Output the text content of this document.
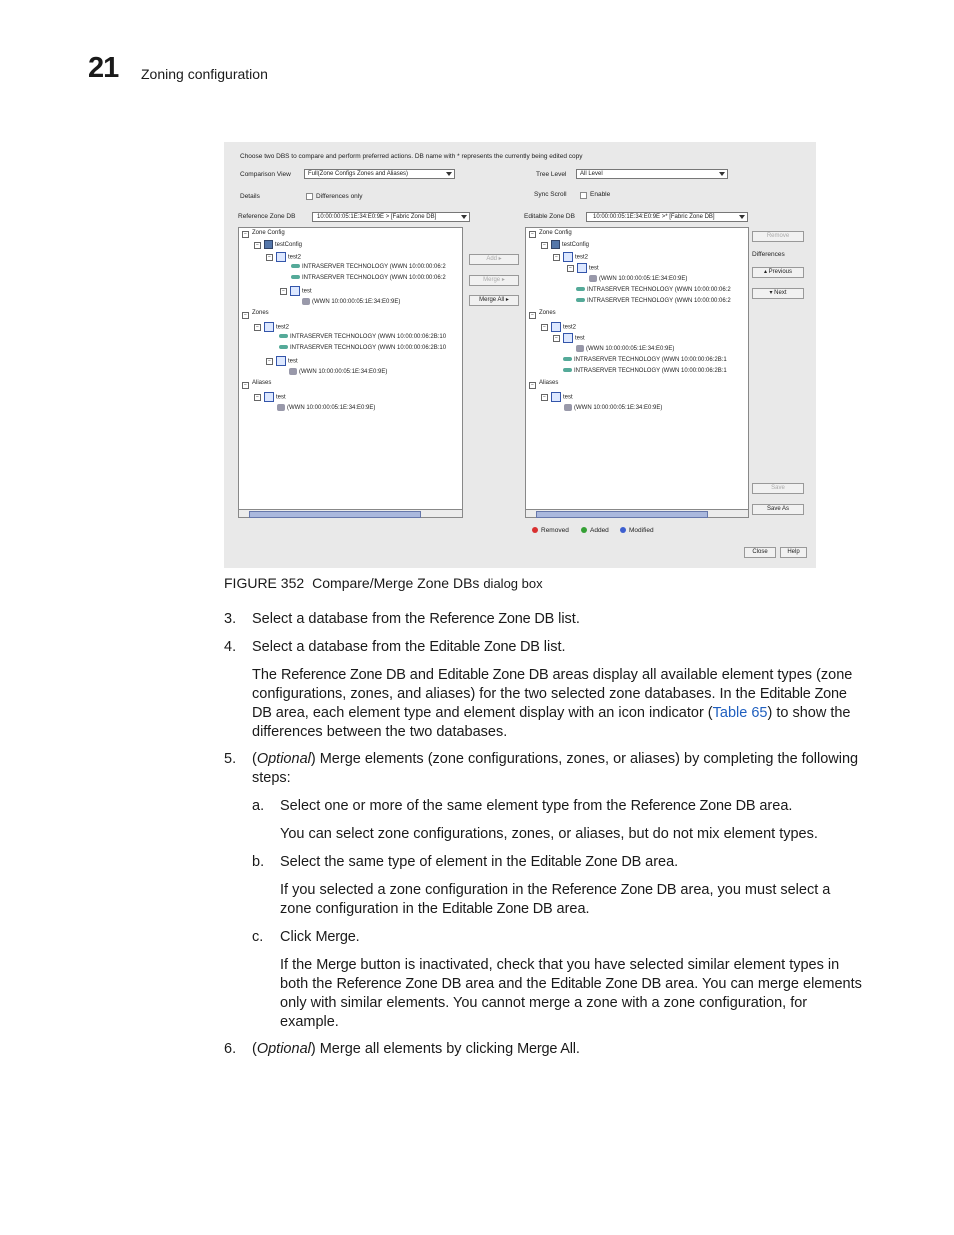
21 Zoning configuration
Choose two DBS to compare and perform preferred actions. DB name with * represents the currently being edited copy
Comparison View	Full(Zone Configs Zones and Aliases)	Tree Level All Level
Details	Differences only	Sync Scroll	Enable
Reference Zone DB	10:00:00:05:1E:34:E0:9E > [Fabric Zone DB]	Editable Zone DB	10:00:00:05:1E:34:E0:9E >* [Fabric Zone DB]
− Zone Config
−	testConfig
−	test2
INTRASERVER TECHNOLOGY (WWN 10:00:00:06:2
INTRASERVER TECHNOLOGY (WWN 10:00:00:06:2
−	test
(WWN 10:00:00:05:1E:34:E0:9E)
− Zones
−	test2
INTRASERVER TECHNOLOGY (WWN 10:00:00:06:2B:10
INTRASERVER TECHNOLOGY (WWN 10:00:00:06:2B:10
−	test
(WWN 10:00:00:05:1E:34:E0:9E)
− Aliases
−	test
(WWN 10:00:00:05:1E:34:E0:9E)
Add ▸
Merge ▸
Merge All ▸
− Zone Config
−	testConfig
−	test2
−	test
(WWN 10:00:00:05:1E:34:E0:9E)
INTRASERVER TECHNOLOGY (WWN 10:00:00:06:2
INTRASERVER TECHNOLOGY (WWN 10:00:00:06:2
− Zones
−	test2
−	test
(WWN 10:00:00:05:1E:34:E0:9E)
INTRASERVER TECHNOLOGY (WWN 10:00:00:06:2B:1
INTRASERVER TECHNOLOGY (WWN 10:00:00:06:2B:1
− Aliases
−	test
(WWN 10:00:00:05:1E:34:E0:9E)
Remove
Differences
▴ Previous
▾ Next
Save
Save As
Removed	Added	Modified
Close	Help
FIGURE 352 Compare/Merge Zone DBs dialog box
3. Select a database from the Reference Zone DB list.
4. Select a database from the Editable Zone DB list.
The Reference Zone DB and Editable Zone DB areas display all available element types (zone
configurations, zones, and aliases) for the two selected zone databases. In the Editable Zone
DB area, each element type and element display with an icon indicator (Table 65) to show the
differences between the two databases.
5. (Optional) Merge elements (zone configurations, zones, or aliases) by completing the following
steps:
a. Select one or more of the same element type from the Reference Zone DB area.
You can select zone configurations, zones, or aliases, but do not mix element types.
b. Select the same type of element in the Editable Zone DB area.
If you selected a zone configuration in the Reference Zone DB area, you must select a
zone configuration in the Editable Zone DB area.
c. Click Merge.
If the Merge button is inactivated, check that you have selected similar element types in
both the Reference Zone DB area and the Editable Zone DB area. You can merge elements
only with similar elements. You cannot merge a zone with a zone configuration, for
example.
6. (Optional) Merge all elements by clicking Merge All.
